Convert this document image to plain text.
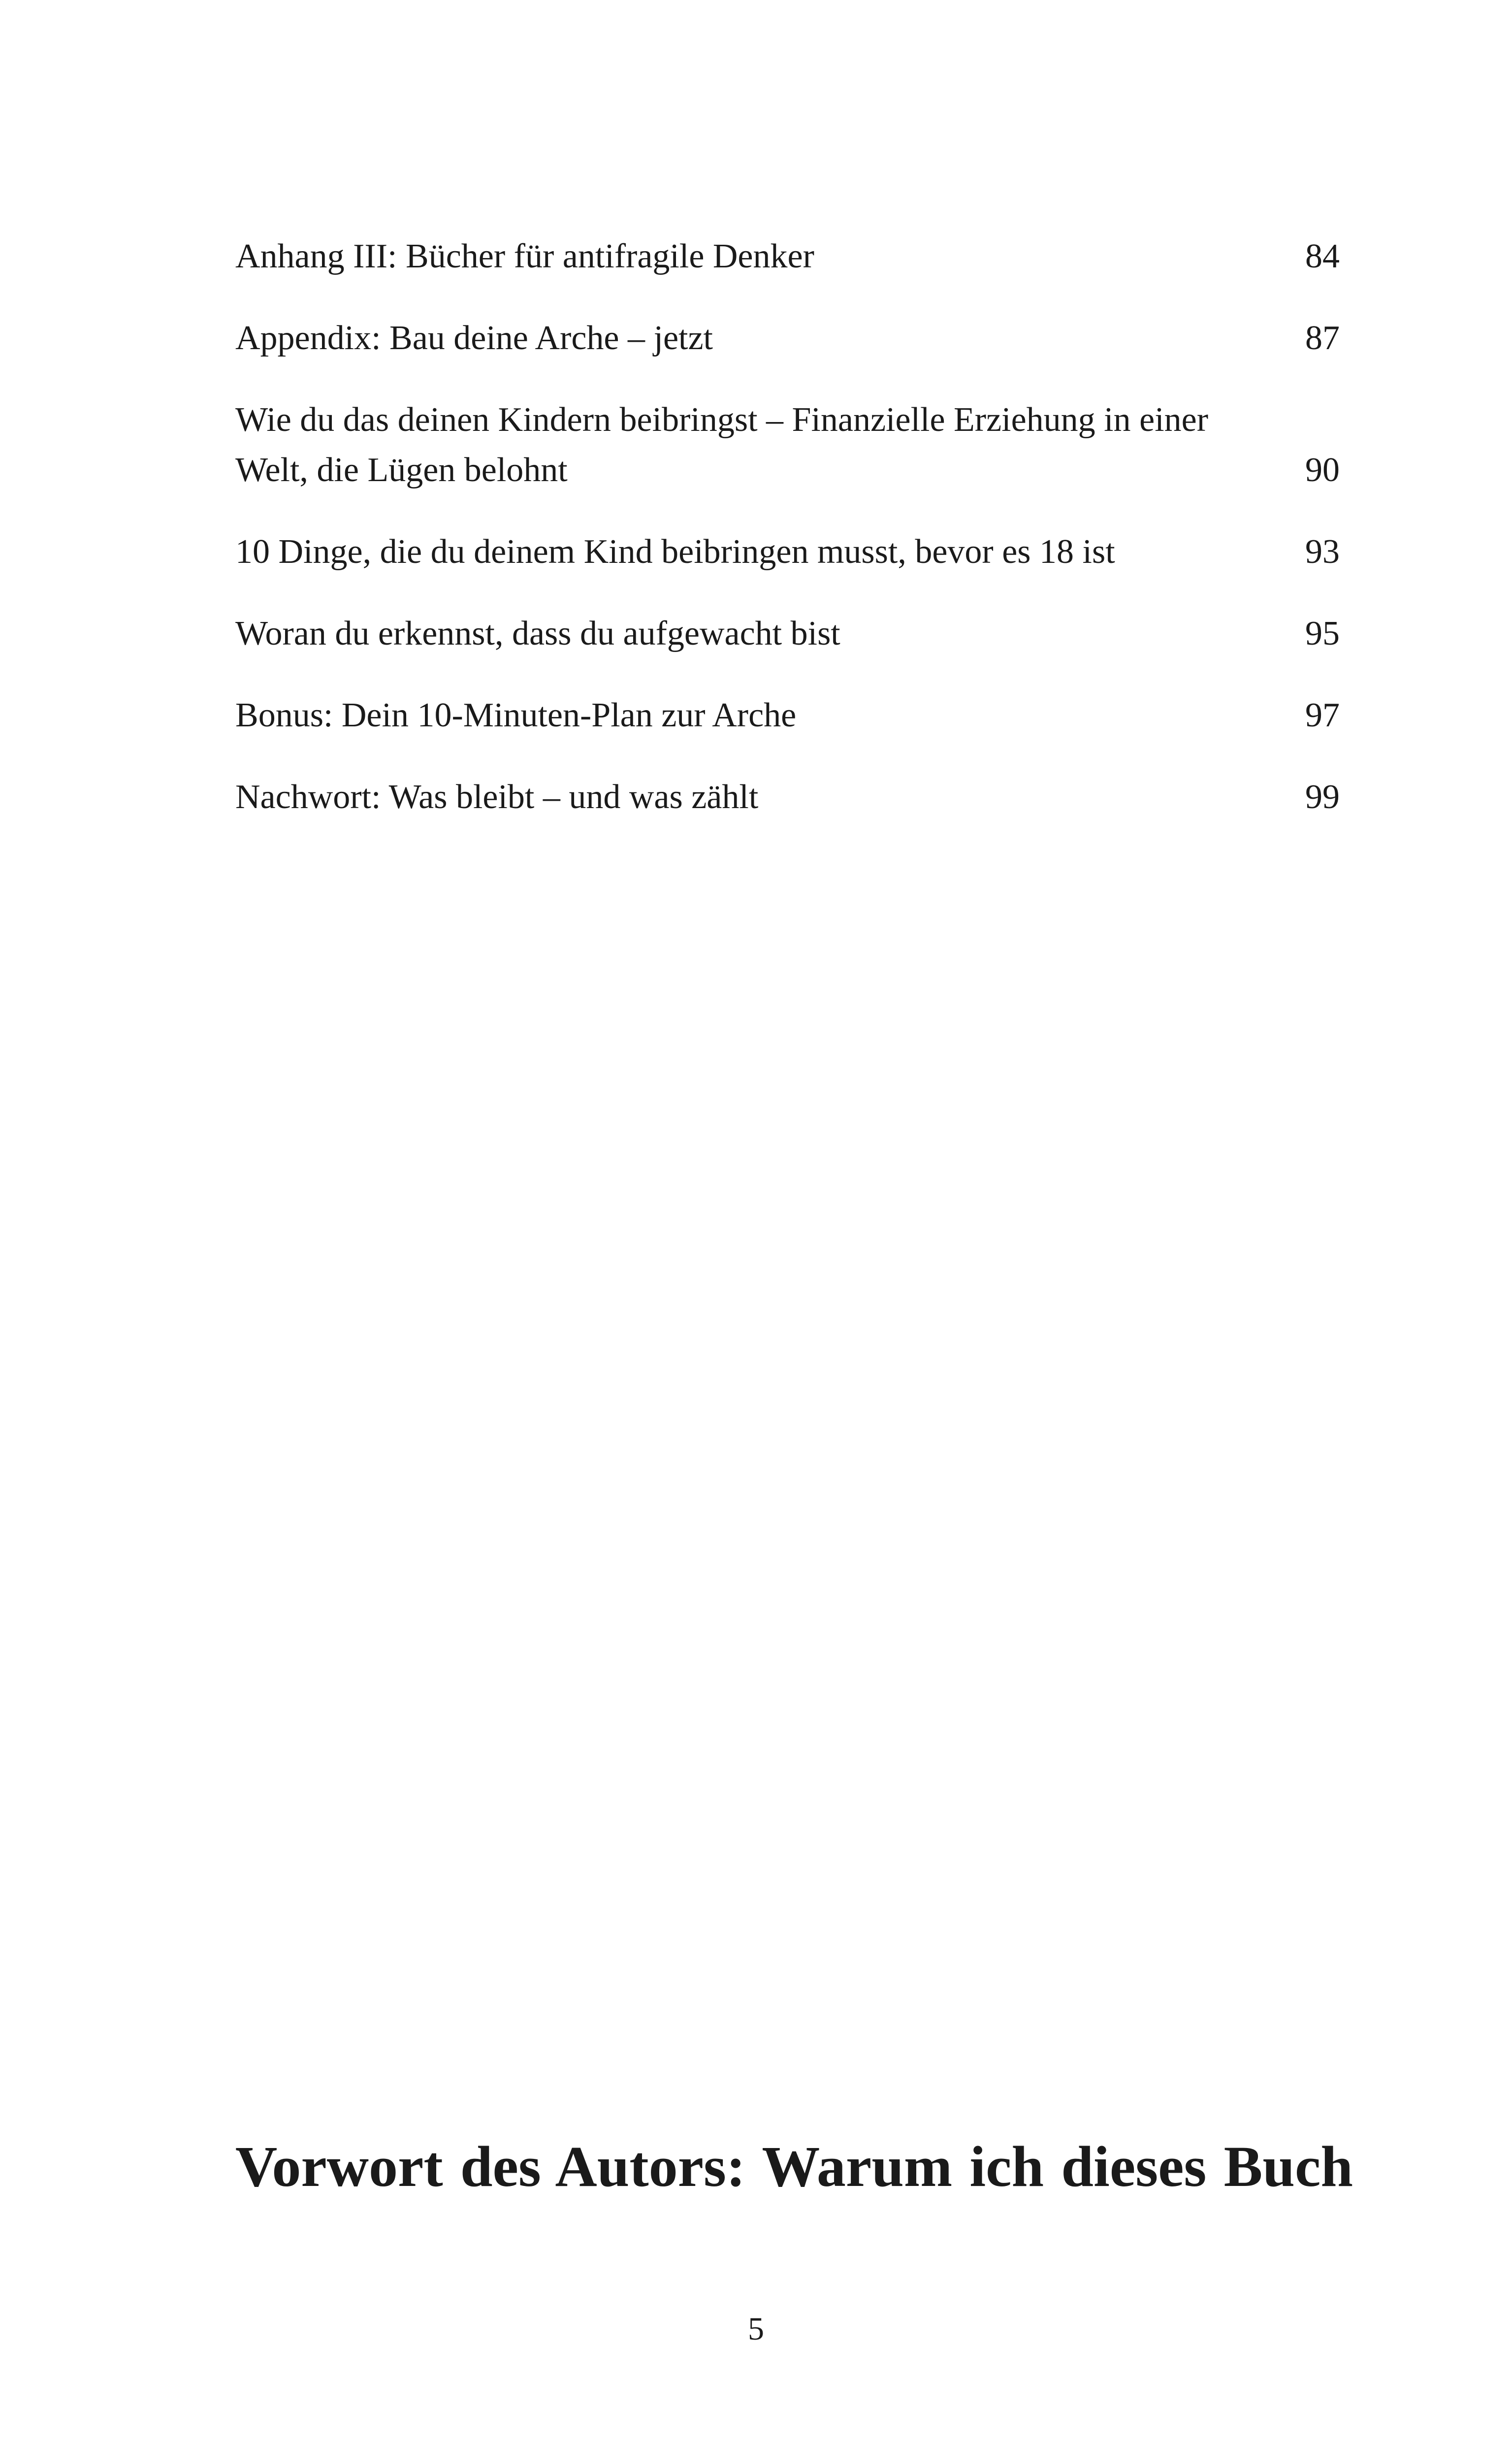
Anhang III: Bücher für antifragile Denker	84
Appendix: Bau deine Arche – jetzt	87
Wie du das deinen Kindern beibringst – Finanzielle Erziehung in einer Welt, die Lügen belohnt	90
10 Dinge, die du deinem Kind beibringen musst, bevor es 18 ist	93
Woran du erkennst, dass du aufgewacht bist	95
Bonus: Dein 10-Minuten-Plan zur Arche	97
Nachwort: Was bleibt – und was zählt	99
Vorwort des Autors: Warum ich dieses Buch
5
